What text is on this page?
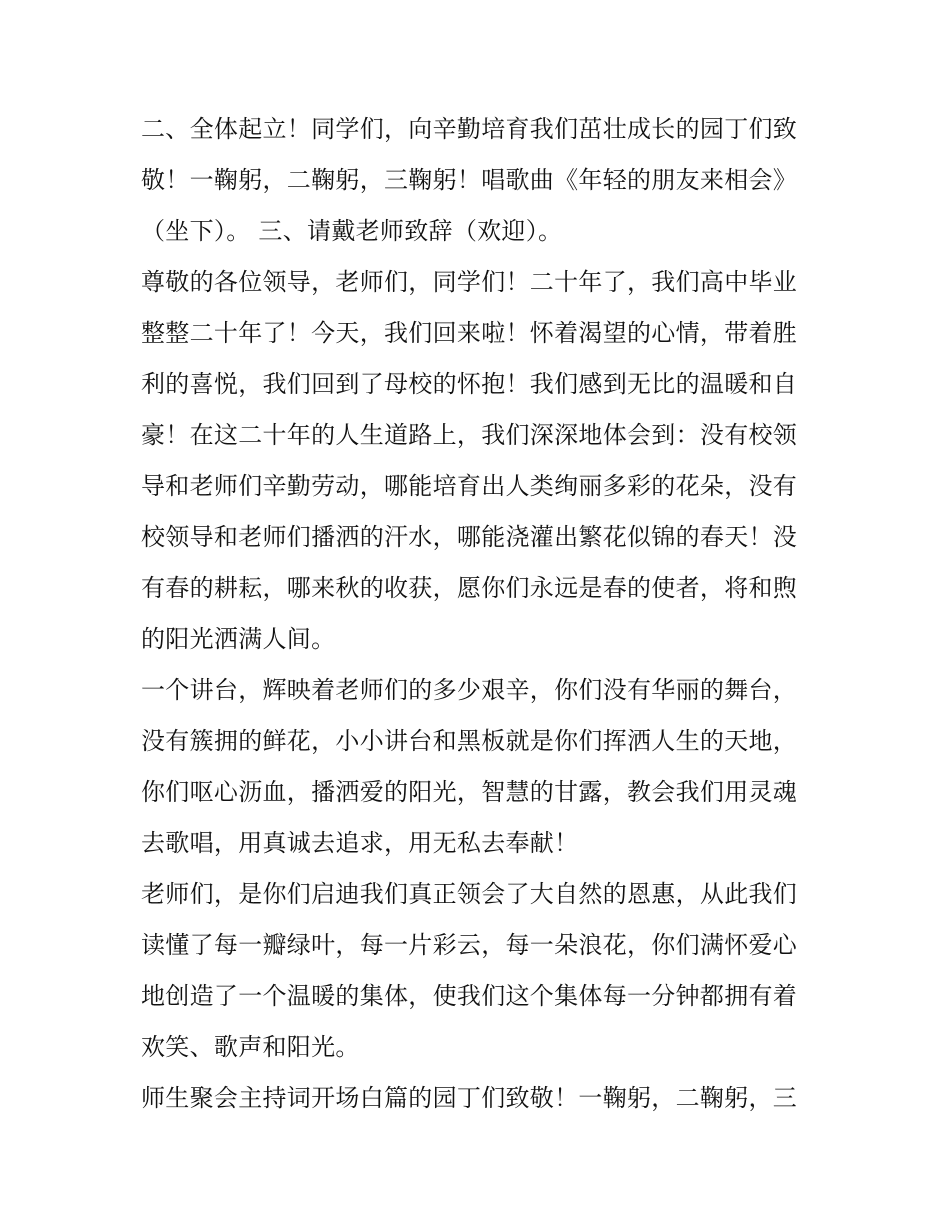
二、全体起立！同学们，向辛勤培育我们茁壮成长的园丁们致
敬！一鞠躬，二鞠躬，三鞠躬！唱歌曲《年轻的朋友来相会》
（坐下）。 三、请戴老师致辞（欢迎）。
尊敬的各位领导，老师们，同学们！二十年了，我们高中毕业
整整二十年了！今天，我们回来啦！怀着渴望的心情，带着胜
利的喜悦，我们回到了母校的怀抱！我们感到无比的温暖和自
豪！在这二十年的人生道路上，我们深深地体会到：没有校领
导和老师们辛勤劳动，哪能培育出人类绚丽多彩的花朵，没有
校领导和老师们播洒的汗水，哪能浇灌出繁花似锦的春天！没
有春的耕耘，哪来秋的收获，愿你们永远是春的使者，将和煦
的阳光洒满人间。
一个讲台，辉映着老师们的多少艰辛，你们没有华丽的舞台，
没有簇拥的鲜花，小小讲台和黑板就是你们挥洒人生的天地，
你们呕心沥血，播洒爱的阳光，智慧的甘露，教会我们用灵魂
去歌唱，用真诚去追求，用无私去奉献！
老师们，是你们启迪我们真正领会了大自然的恩惠，从此我们
读懂了每一瓣绿叶，每一片彩云，每一朵浪花，你们满怀爱心
地创造了一个温暖的集体，使我们这个集体每一分钟都拥有着
欢笑、歌声和阳光。
师生聚会主持词开场白篇的园丁们致敬！一鞠躬，二鞠躬，三
